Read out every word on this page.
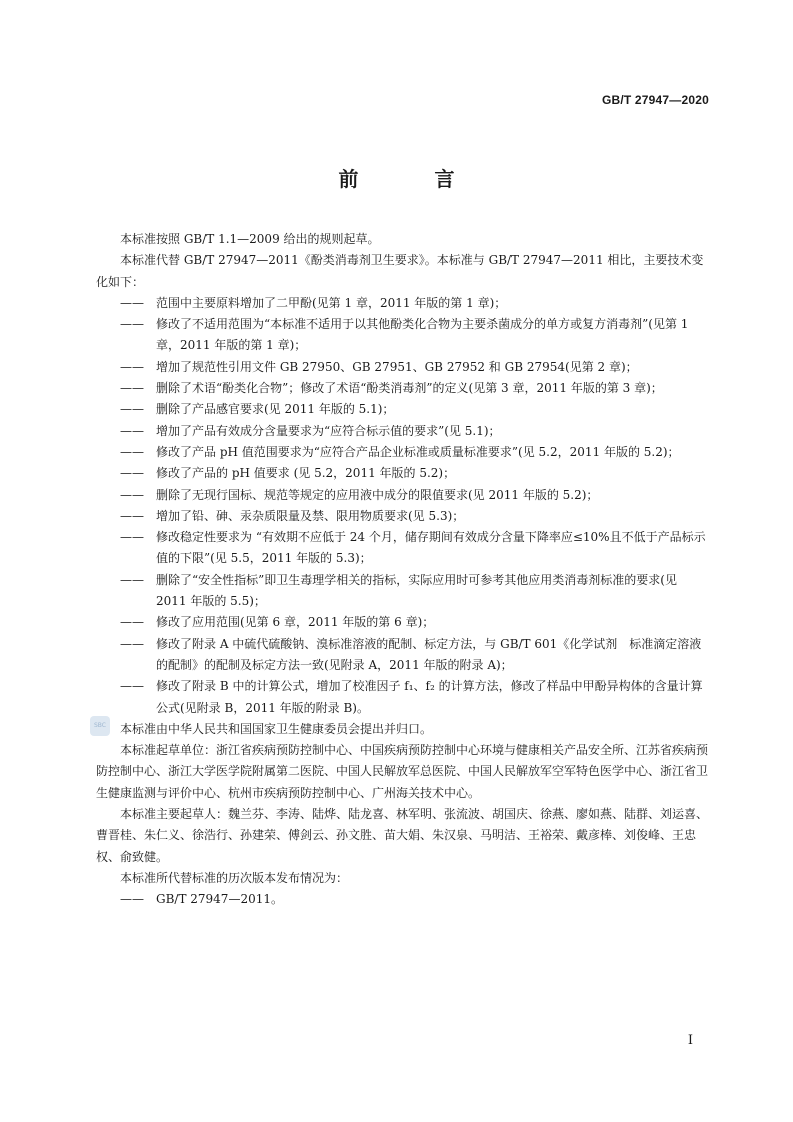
GB/T 27947—2020
前　言

本标准按照 GB/T 1.1—2009 给出的规则起草。

本标准代替 GB/T 27947—2011《酚类消毒剂卫生要求》。本标准与 GB/T 27947—2011 相比，主要技术变化如下：

——	范围中主要原料增加了二甲酚(见第 1 章，2011 年版的第 1 章)；
——	修改了不适用范围为“本标准不适用于以其他酚类化合物为主要杀菌成分的单方或复方消毒剂”(见第 1 章，2011 年版的第 1 章)；
——	增加了规范性引用文件 GB 27950、GB 27951、GB 27952 和 GB 27954(见第 2 章)；
——	删除了术语“酚类化合物”；修改了术语“酚类消毒剂”的定义(见第 3 章，2011 年版的第 3 章)；
——	删除了产品感官要求(见 2011 年版的 5.1)；
——	增加了产品有效成分含量要求为“应符合标示值的要求”(见 5.1)；
——	修改了产品 pH 值范围要求为“应符合产品企业标准或质量标准要求”(见 5.2，2011 年版的 5.2)；
——	修改了产品的 pH 值要求 (见 5.2，2011 年版的 5.2)；
——	删除了无现行国标、规范等规定的应用液中成分的限值要求(见 2011 年版的 5.2)；
——	增加了铅、砷、汞杂质限量及禁、限用物质要求(见 5.3)；
——	修改稳定性要求为 “有效期不应低于 24 个月，储存期间有效成分含量下降率应≤10%且不低于产品标示值的下限”(见 5.5，2011 年版的 5.3)；
——	删除了“安全性指标”即卫生毒理学相关的指标，实际应用时可参考其他应用类消毒剂标准的要求(见 2011 年版的 5.5)；
——	修改了应用范围(见第 6 章，2011 年版的第 6 章)；
——	修改了附录 A 中硫代硫酸钠、溴标准溶液的配制、标定方法，与 GB/T 601《化学试剂　标准滴定溶液的配制》的配制及标定方法一致(见附录 A，2011 年版的附录 A)；
——	修改了附录 B 中的计算公式，增加了校准因子 f₁、f₂ 的计算方法，修改了样品中甲酚异构体的含量计算公式(见附录 B，2011 年版的附录 B)。

本标准由中华人民共和国国家卫生健康委员会提出并归口。

本标准起草单位：浙江省疾病预防控制中心、中国疾病预防控制中心环境与健康相关产品安全所、江苏省疾病预防控制中心、浙江大学医学院附属第二医院、中国人民解放军总医院、中国人民解放军空军特色医学中心、浙江省卫生健康监测与评价中心、杭州市疾病预防控制中心、广州海关技术中心。

本标准主要起草人：魏兰芬、李涛、陆烨、陆龙喜、林军明、张流波、胡国庆、徐燕、廖如燕、陆群、刘运喜、曹晋桂、朱仁义、徐浩行、孙建荣、傅剑云、孙文胜、苗大娟、朱汉泉、马明洁、王裕荣、戴彦棒、刘俊峰、王忠权、俞致健。

本标准所代替标准的历次版本发布情况为：

——	GB/T 27947—2011。
SBC
I
